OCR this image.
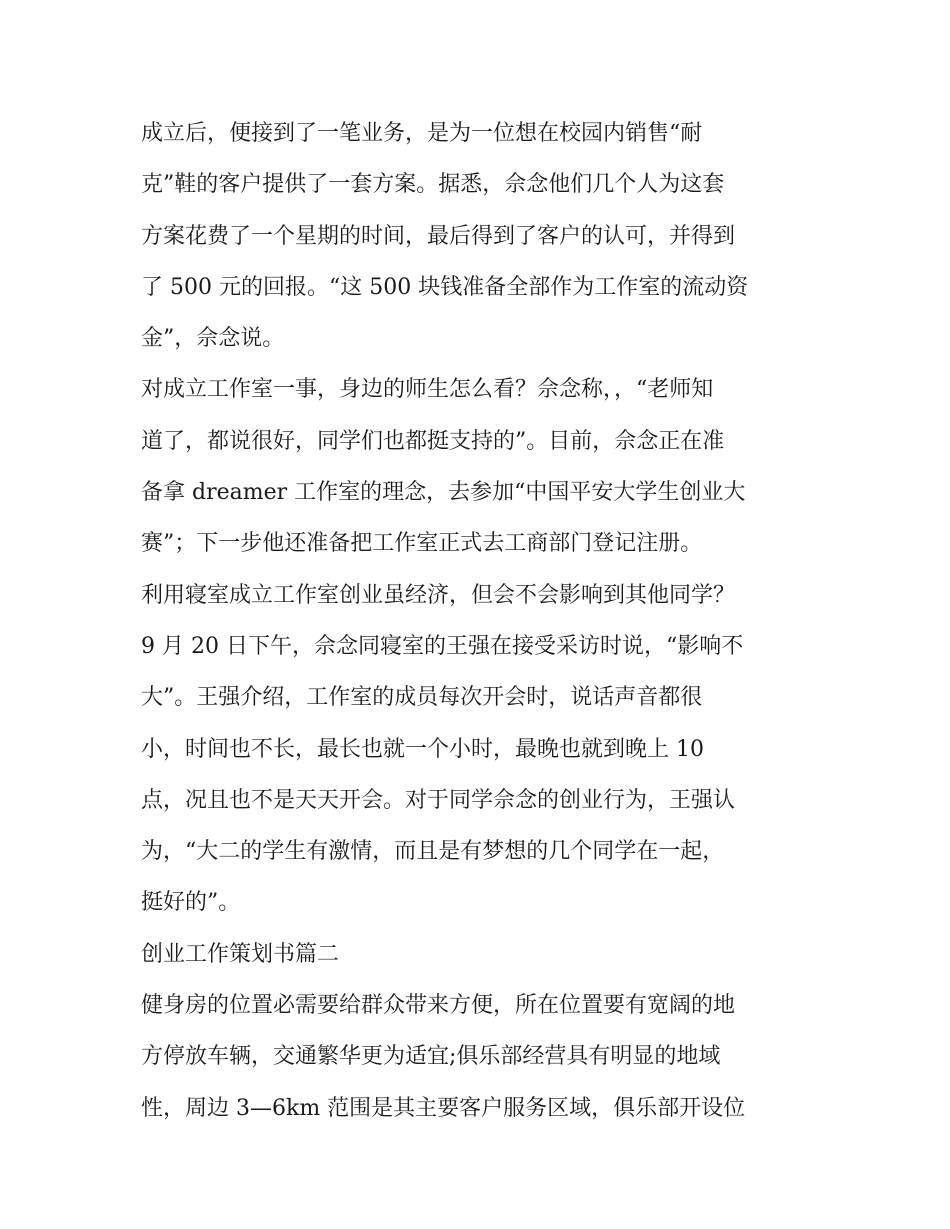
成立后，便接到了一笔业务，是为一位想在校园内销售“耐

克”鞋的客户提供了一套方案。据悉，佘念他们几个人为这套

方案花费了一个星期的时间，最后得到了客户的认可，并得到

了 500 元的回报。“这 500 块钱准备全部作为工作室的流动资

金”，佘念说。

对成立工作室一事，身边的师生怎么看？佘念称，，“老师知

道了，都说很好，同学们也都挺支持的”。目前，佘念正在准

备拿 dreamer 工作室的理念，去参加“中国平安大学生创业大

赛”；下一步他还准备把工作室正式去工商部门登记注册。

利用寝室成立工作室创业虽经济，但会不会影响到其他同学？

9 月 20 日下午，佘念同寝室的王强在接受采访时说，“影响不

大”。王强介绍，工作室的成员每次开会时，说话声音都很

小，时间也不长，最长也就一个小时，最晚也就到晚上 10

点，况且也不是天天开会。对于同学佘念的创业行为，王强认

为，“大二的学生有激情，而且是有梦想的几个同学在一起，

挺好的”。

创业工作策划书篇二

健身房的位置必需要给群众带来方便，所在位置要有宽阔的地

方停放车辆，交通繁华更为适宜;俱乐部经营具有明显的地域

性，周边 3—6km 范围是其主要客户服务区域，俱乐部开设位
